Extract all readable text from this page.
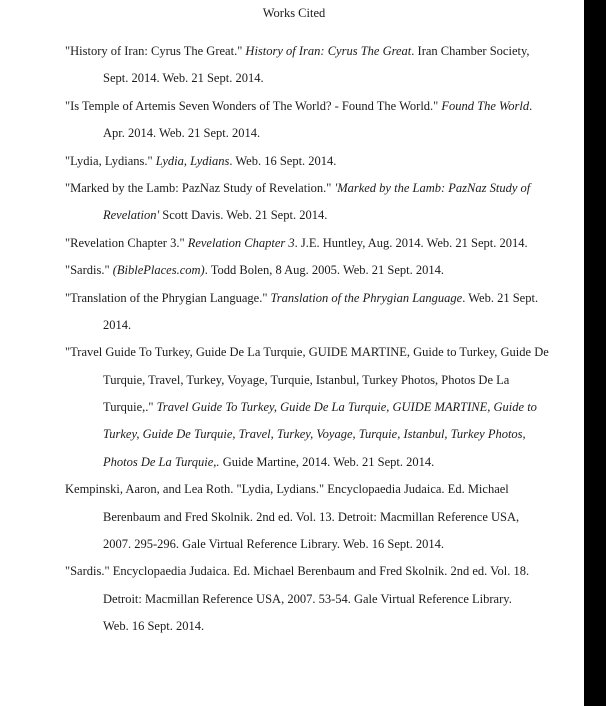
Works Cited
"History of Iran: Cyrus The Great." History of Iran: Cyrus The Great. Iran Chamber Society,
Sept. 2014. Web. 21 Sept. 2014.
"Is Temple of Artemis Seven Wonders of The World? - Found The World." Found The World.
Apr. 2014. Web. 21 Sept. 2014.
"Lydia, Lydians." Lydia, Lydians. Web. 16 Sept. 2014.
"Marked by the Lamb: PazNaz Study of Revelation." 'Marked by the Lamb: PazNaz Study of
Revelation' Scott Davis. Web. 21 Sept. 2014.
"Revelation Chapter 3." Revelation Chapter 3. J.E. Huntley, Aug. 2014. Web. 21 Sept. 2014.
"Sardis." (BiblePlaces.com). Todd Bolen, 8 Aug. 2005. Web. 21 Sept. 2014.
"Translation of the Phrygian Language." Translation of the Phrygian Language. Web. 21 Sept.
2014.
"Travel Guide To Turkey, Guide De La Turquie, GUIDE MARTINE, Guide to Turkey, Guide De
Turquie, Travel, Turkey, Voyage, Turquie, Istanbul, Turkey Photos, Photos De La
Turquie,." Travel Guide To Turkey, Guide De La Turquie, GUIDE MARTINE, Guide to
Turkey, Guide De Turquie, Travel, Turkey, Voyage, Turquie, Istanbul, Turkey Photos,
Photos De La Turquie,. Guide Martine, 2014. Web. 21 Sept. 2014.
Kempinski, Aaron, and Lea Roth. "Lydia, Lydians." Encyclopaedia Judaica. Ed. Michael
Berenbaum and Fred Skolnik. 2nd ed. Vol. 13. Detroit: Macmillan Reference USA,
2007. 295-296. Gale Virtual Reference Library. Web. 16 Sept. 2014.
"Sardis." Encyclopaedia Judaica. Ed. Michael Berenbaum and Fred Skolnik. 2nd ed. Vol. 18.
Detroit: Macmillan Reference USA, 2007. 53-54. Gale Virtual Reference Library.
Web. 16 Sept. 2014.
